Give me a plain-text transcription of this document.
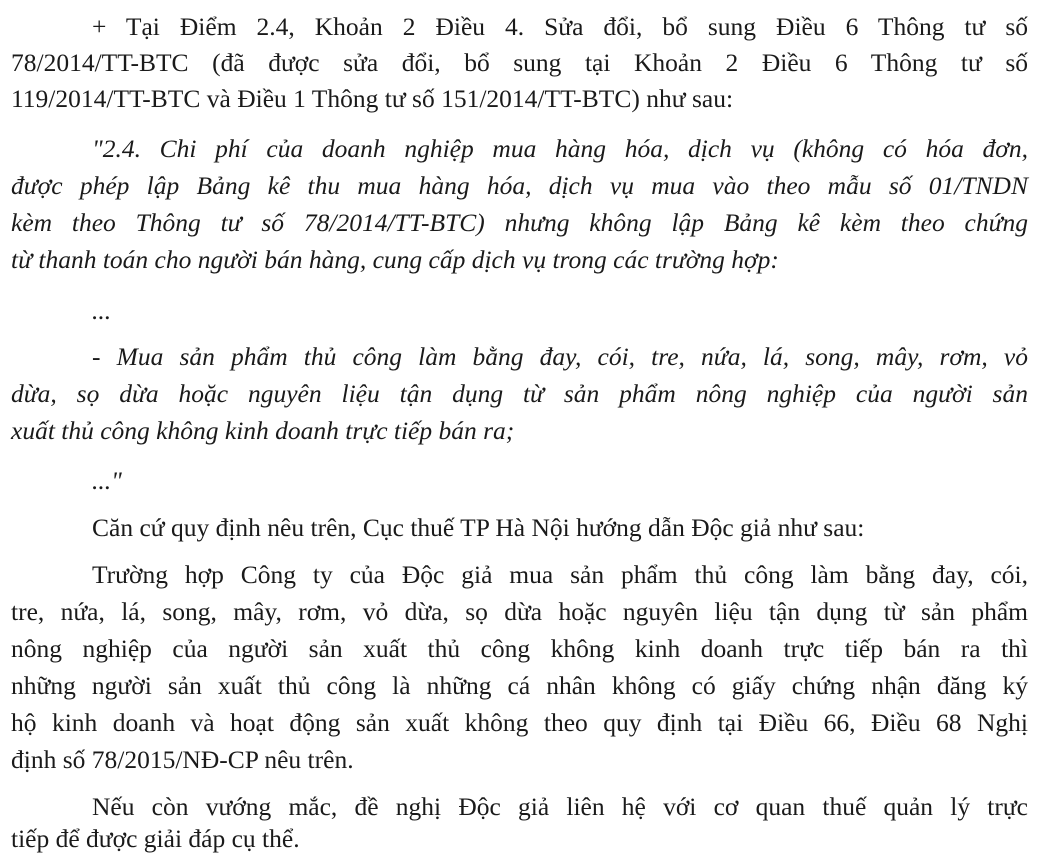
+ Tại Điểm 2.4, Khoản 2 Điều 4. Sửa đổi, bổ sung Điều 6 Thông tư số

78/2014/TT-BTC (đã được sửa đổi, bổ sung tại Khoản 2 Điều 6 Thông tư số

119/2014/TT-BTC và Điều 1 Thông tư số 151/2014/TT-BTC) như sau:

"2.4. Chi phí của doanh nghiệp mua hàng hóa, dịch vụ (không có hóa đơn,

được phép lập Bảng kê thu mua hàng hóa, dịch vụ mua vào theo mẫu số 01/TNDN

kèm theo Thông tư số 78/2014/TT-BTC) nhưng không lập Bảng kê kèm theo chứng

từ thanh toán cho người bán hàng, cung cấp dịch vụ trong các trường hợp:

...

- Mua sản phẩm thủ công làm bằng đay, cói, tre, nứa, lá, song, mây, rơm, vỏ

dừa, sọ dừa hoặc nguyên liệu tận dụng từ sản phẩm nông nghiệp của người sản

xuất thủ công không kinh doanh trực tiếp bán ra;

..."

Căn cứ quy định nêu trên, Cục thuế TP Hà Nội hướng dẫn Độc giả như sau:

Trường hợp Công ty của Độc giả mua sản phẩm thủ công làm bằng đay, cói,

tre, nứa, lá, song, mây, rơm, vỏ dừa, sọ dừa hoặc nguyên liệu tận dụng từ sản phẩm

nông nghiệp của người sản xuất thủ công không kinh doanh trực tiếp bán ra thì

những người sản xuất thủ công là những cá nhân không có giấy chứng nhận đăng ký

hộ kinh doanh và hoạt động sản xuất không theo quy định tại Điều 66, Điều 68 Nghị

định số 78/2015/NĐ-CP nêu trên.

Nếu còn vướng mắc, đề nghị Độc giả liên hệ với cơ quan thuế quản lý trực

tiếp để được giải đáp cụ thể.
